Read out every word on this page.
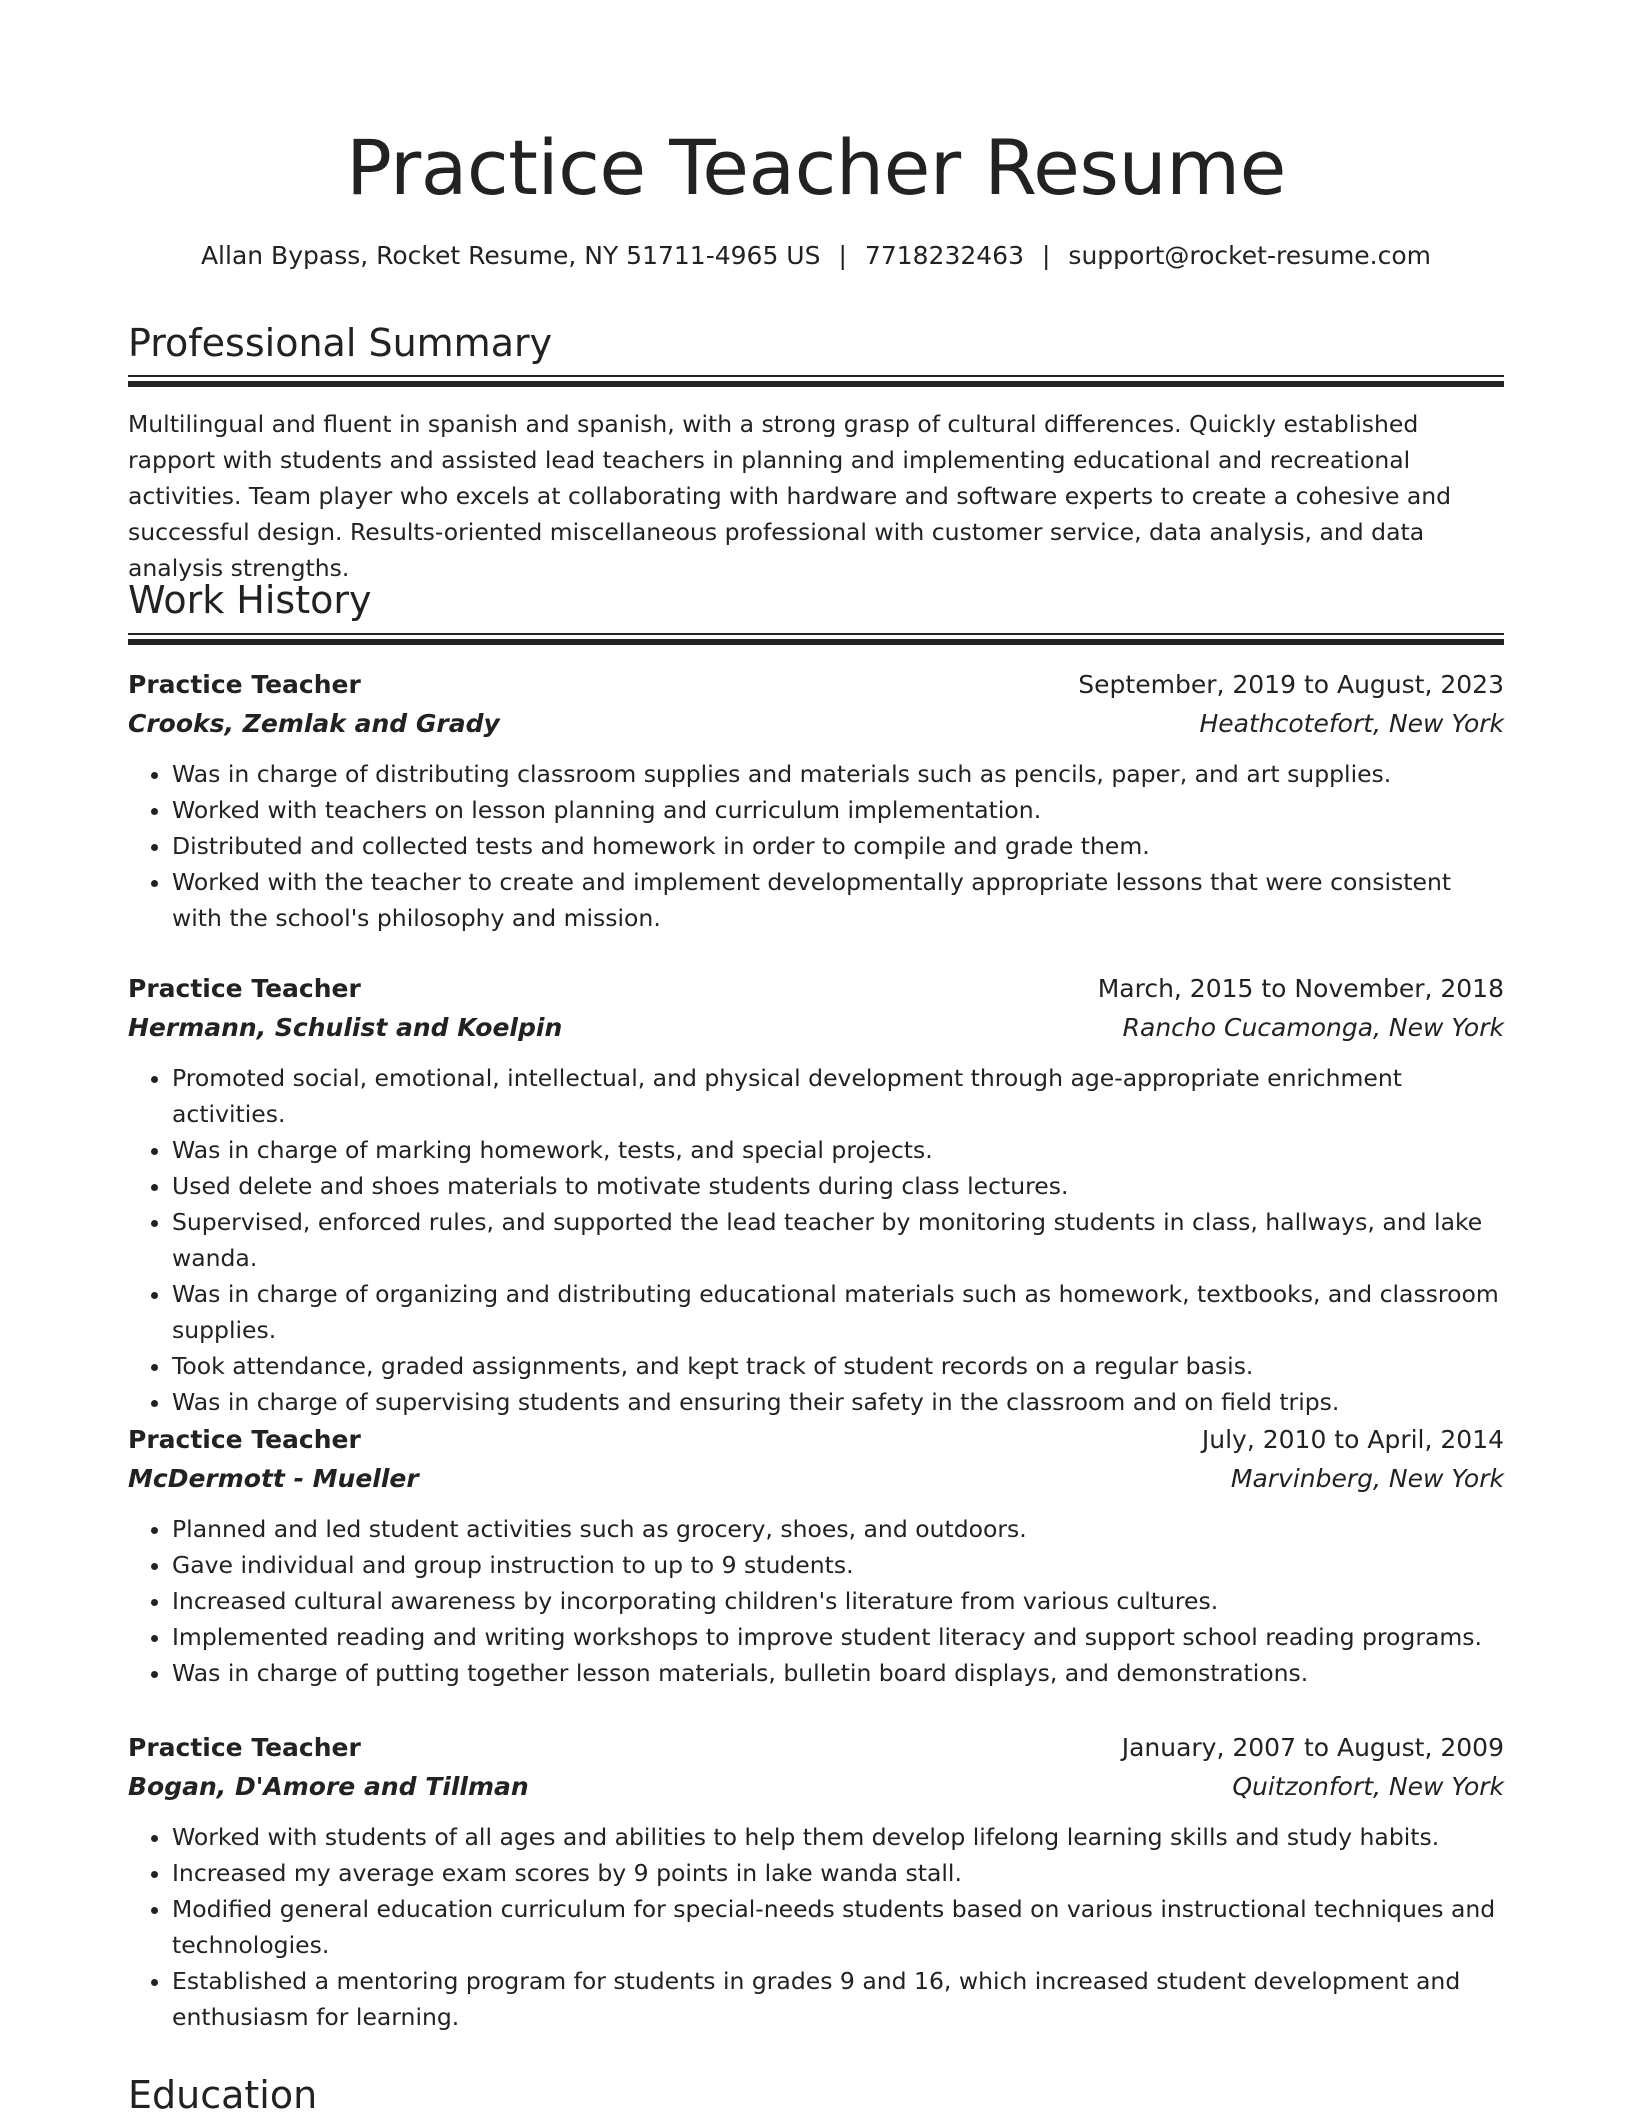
Practice Teacher Resume
Allan Bypass, Rocket Resume, NY 51711-4965 US | 7718232463 | support@rocket-resume.com
Professional Summary

Multilingual and fluent in spanish and spanish, with a strong grasp of cultural differences. Quickly established rapport with students and assisted lead teachers in planning and implementing educational and recreational activities. Team player who excels at collaborating with hardware and software experts to create a cohesive and successful design. Results-oriented miscellaneous professional with customer service, data analysis, and data analysis strengths.

Work History
Practice Teacher	September, 2019 to August, 2023
Crooks, Zemlak and Grady	Heathcotefort, New York
• Was in charge of distributing classroom supplies and materials such as pencils, paper, and art supplies.
• Worked with teachers on lesson planning and curriculum implementation.
• Distributed and collected tests and homework in order to compile and grade them.
• Worked with the teacher to create and implement developmentally appropriate lessons that were consistent with the school's philosophy and mission.
Practice Teacher	March, 2015 to November, 2018
Hermann, Schulist and Koelpin	Rancho Cucamonga, New York
• Promoted social, emotional, intellectual, and physical development through age-appropriate enrichment activities.
• Was in charge of marking homework, tests, and special projects.
• Used delete and shoes materials to motivate students during class lectures.
• Supervised, enforced rules, and supported the lead teacher by monitoring students in class, hallways, and lake wanda.
• Was in charge of organizing and distributing educational materials such as homework, textbooks, and classroom supplies.
• Took attendance, graded assignments, and kept track of student records on a regular basis.
• Was in charge of supervising students and ensuring their safety in the classroom and on field trips.
Practice Teacher	July, 2010 to April, 2014
McDermott - Mueller	Marvinberg, New York
• Planned and led student activities such as grocery, shoes, and outdoors.
• Gave individual and group instruction to up to 9 students.
• Increased cultural awareness by incorporating children's literature from various cultures.
• Implemented reading and writing workshops to improve student literacy and support school reading programs.
• Was in charge of putting together lesson materials, bulletin board displays, and demonstrations.
Practice Teacher	January, 2007 to August, 2009
Bogan, D'Amore and Tillman	Quitzonfort, New York
• Worked with students of all ages and abilities to help them develop lifelong learning skills and study habits.
• Increased my average exam scores by 9 points in lake wanda stall.
• Modified general education curriculum for special-needs students based on various instructional techniques and technologies.
• Established a mentoring program for students in grades 9 and 16, which increased student development and enthusiasm for learning.
Education
